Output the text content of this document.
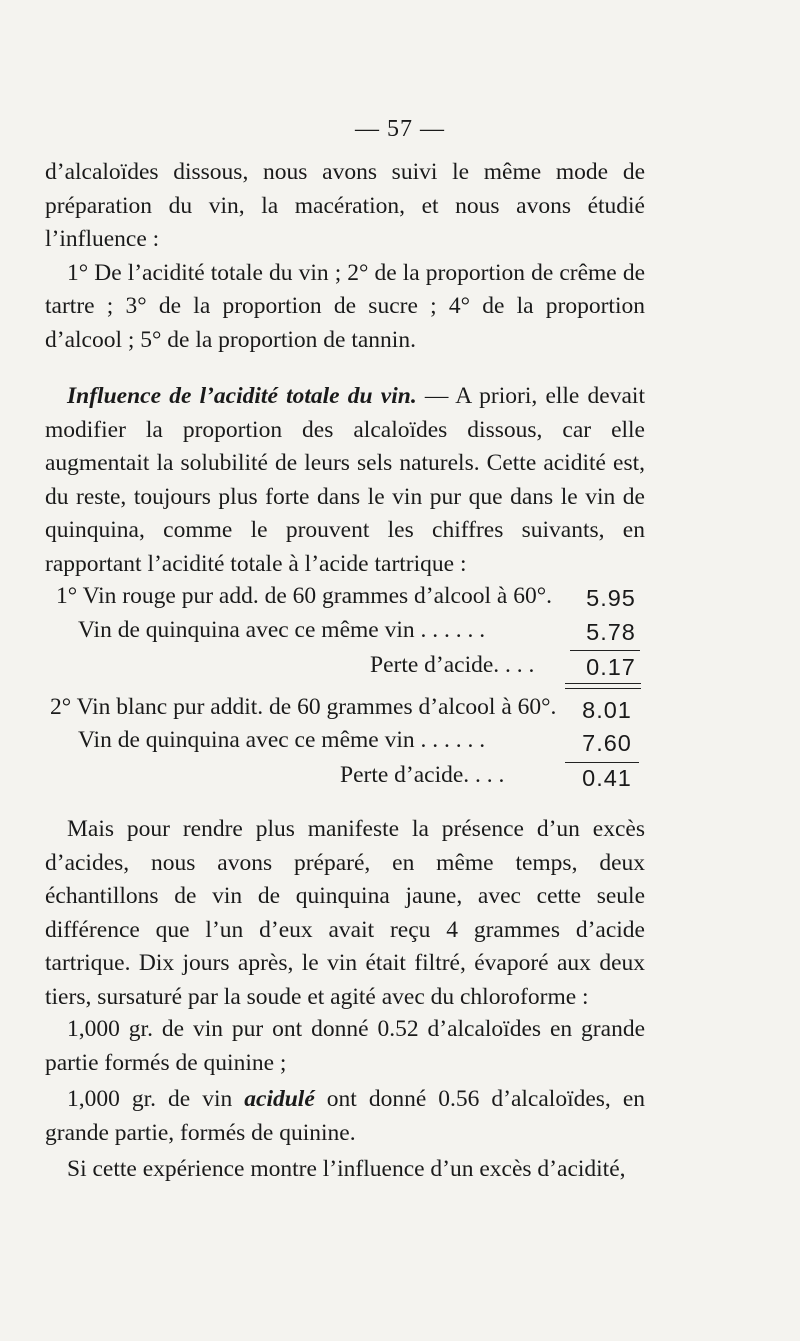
— 57 —

d’alcaloïdes dissous, nous avons suivi le même mode de préparation du vin, la macération, et nous avons étudié l’influence :

1° De l’acidité totale du vin ; 2° de la proportion de crême de tartre ; 3° de la proportion de sucre ; 4° de la proportion d’alcool ; 5° de la proportion de tannin.

Influence de l’acidité totale du vin. — A priori, elle devait modifier la proportion des alcaloïdes dissous, car elle augmentait la solubilité de leurs sels naturels. Cette acidité est, du reste, toujours plus forte dans le vin pur que dans le vin de quinquina, comme le prouvent les chiffres suivants, en rapportant l’acidité totale à l’acide tartrique :
1° Vin rouge pur add. de 60 grammes d’alcool à 60°. 5.95
Vin de quinquina avec ce même vin . . . . . .	5.78
Perte d’acide. . . . 0.17
2° Vin blanc pur addit. de 60 grammes d’alcool à 60°. 8.01
Vin de quinquina avec ce même vin . . . . . .	7.60
Perte d’acide. . . .	0.41
Mais pour rendre plus manifeste la présence d’un excès d’acides, nous avons préparé, en même temps, deux échantillons de vin de quinquina jaune, avec cette seule différence que l’un d’eux avait reçu 4 grammes d’acide tartrique. Dix jours après, le vin était filtré, évaporé aux deux tiers, sursaturé par la soude et agité avec du chloroforme :
1,000 gr. de vin pur ont donné 0.52 d’alcaloïdes en grande partie formés de quinine ;
1,000 gr. de vin acidulé ont donné 0.56 d’alcaloïdes, en grande partie, formés de quinine.
Si cette expérience montre l’influence d’un excès d’acidité,
